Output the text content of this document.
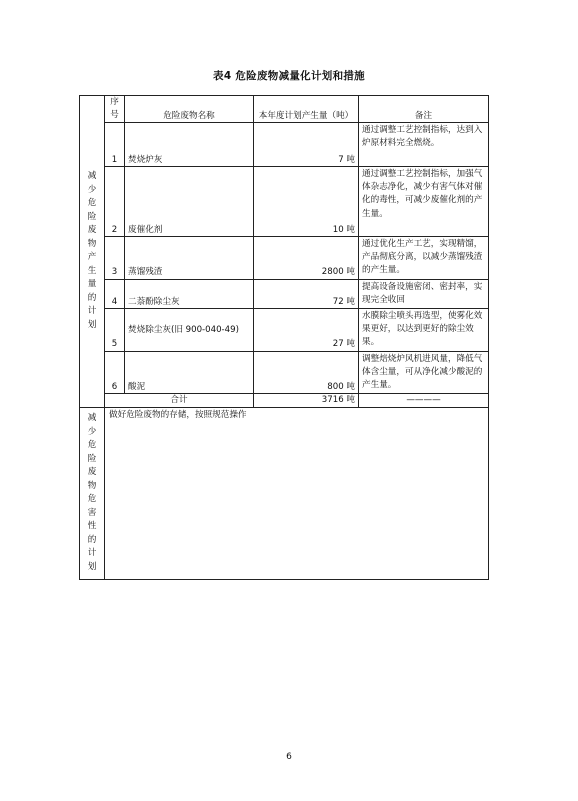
表4 危险废物减量化计划和措施
减少危险废物产生量的计划	序号	危险废物名称	本年度计划产生量（吨）	备注
	1	焚烧炉灰	7 吨	通过调整工艺控制指标，达到入炉原材料完全燃烧。
	2	废催化剂	10 吨	通过调整工艺控制指标，加强气体杂志净化，减少有害气体对催化的毒性，可减少废催化剂的产生量。
	3	蒸馏残渣	2800 吨	通过优化生产工艺，实现精馏，产品彻底分离，以减少蒸馏残渣的产生量。
	4	二萘酚除尘灰	72 吨	提高设备设施密闭、密封率，实现完全收回
	5	焚烧除尘灰(旧 900-040-49)	27 吨	水膜除尘喷头再选型，使雾化效果更好，以达到更好的除尘效果。
	6	酸泥	800 吨	调整焙烧炉风机进风量，降低气体含尘量，可从净化减少酸泥的产生量。
	合计		3716 吨	————
减少危险废物危害性的计划	做好危险废物的存储，按照规范操作			
6
